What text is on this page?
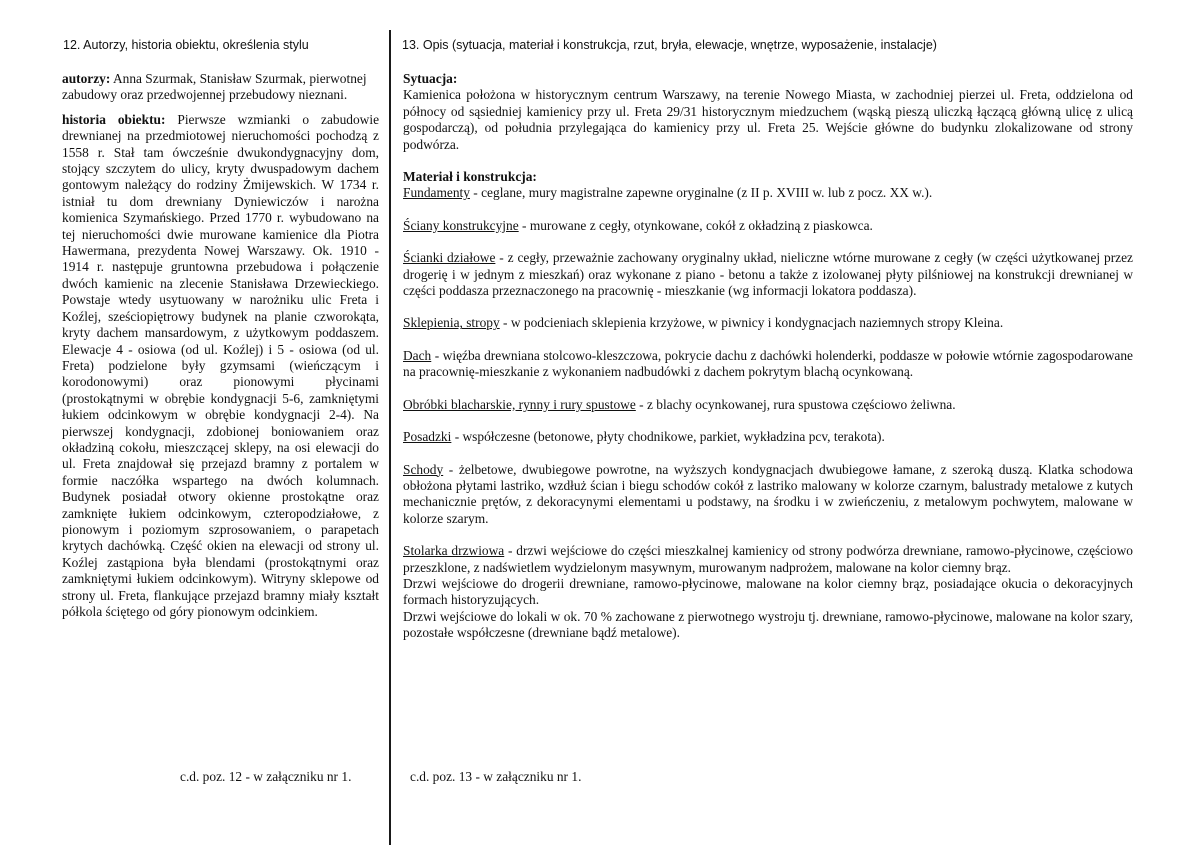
12. Autorzy, historia obiektu, określenia stylu	13. Opis (sytuacja, materiał i konstrukcja, rzut, bryła, elewacje, wnętrze, wyposażenie, instalacje)

autorzy: Anna Szurmak, Stanisław Szurmak, pierwotnej zabudowy oraz przedwojennej przebudowy nieznani.

historia obiektu: Pierwsze wzmianki o zabudowie drewnianej na przedmiotowej nieruchomości pochodzą z 1558 r. Stał tam ówcześnie dwukondygnacyjny dom, stojący szczytem do ulicy, kryty dwuspadowym dachem gontowym należący do rodziny Żmijewskich. W 1734 r. istniał tu dom drewniany Dyniewiczów i narożna komienica Szymańskiego. Przed 1770 r. wybudowano na tej nieruchomości dwie murowane kamienice dla Piotra Hawermana, prezydenta Nowej Warszawy. Ok. 1910 - 1914 r. następuje gruntowna przebudowa i połączenie dwóch kamienic na zlecenie Stanisława Drzewieckiego. Powstaje wtedy usytuowany w narożniku ulic Freta i Koźlej, sześciopiętrowy budynek na planie czworokąta, kryty dachem mansardowym, z użytkowym poddaszem. Elewacje 4 - osiowa (od ul. Koźlej) i 5 - osiowa (od ul. Freta) podzielone były gzymsami (wieńczącym i korodonowymi) oraz pionowymi płycinami (prostokątnymi w obrębie kondygnacji 5-6, zamkniętymi łukiem odcinkowym w obrębie kondygnacji 2-4). Na pierwszej kondygnacji, zdobionej boniowaniem oraz okładziną cokołu, mieszczącej sklepy, na osi elewacji do ul. Freta znajdował się przejazd bramny z portalem w formie naczółka wspartego na dwóch kolumnach. Budynek posiadał otwory okienne prostokątne oraz zamknięte łukiem odcinkowym, czteropodziałowe, z pionowym i poziomym szprosowaniem, o parapetach krytych dachówką. Część okien na elewacji od strony ul. Koźlej zastąpiona była blendami (prostokątnymi oraz zamkniętymi łukiem odcinkowym). Witryny sklepowe od strony ul. Freta, flankujące przejazd bramny miały kształt półkola ściętego od góry pionowym odcinkiem.

Sytuacja:

Kamienica położona w historycznym centrum Warszawy, na terenie Nowego Miasta, w zachodniej pierzei ul. Freta, oddzielona od północy od sąsiedniej kamienicy przy ul. Freta 29/31 historycznym miedzuchem (wąską pieszą uliczką łączącą główną ulicę z ulicą gospodarczą), od południa przylegająca do kamienicy przy ul. Freta 25. Wejście główne do budynku zlokalizowane od strony podwórza.

Materiał i konstrukcja:

Fundamenty - ceglane, mury magistralne zapewne oryginalne (z II p. XVIII w. lub z pocz. XX w.).

Ściany konstrukcyjne - murowane z cegły, otynkowane, cokół z okładziną z piaskowca.

Ścianki działowe - z cegły, przeważnie zachowany oryginalny układ, nieliczne wtórne murowane z cegły (w części użytkowanej przez drogerię i w jednym z mieszkań) oraz wykonane z piano - betonu a także z izolowanej płyty pilśniowej na konstrukcji drewnianej w części poddasza przeznaczonego na pracownię - mieszkanie (wg informacji lokatora poddasza).

Sklepienia, stropy - w podcieniach sklepienia krzyżowe, w piwnicy i kondygnacjach naziemnych stropy Kleina.

Dach - więźba drewniana stolcowo-kleszczowa, pokrycie dachu z dachówki holenderki, poddasze w połowie wtórnie zagospodarowane na pracownię-mieszkanie z wykonaniem nadbudówki z dachem pokrytym blachą ocynkowaną.

Obróbki blacharskie, rynny i rury spustowe - z blachy ocynkowanej, rura spustowa częściowo żeliwna.

Posadzki - współczesne (betonowe, płyty chodnikowe, parkiet, wykładzina pcv, terakota).

Schody - żelbetowe, dwubiegowe powrotne, na wyższych kondygnacjach dwubiegowe łamane, z szeroką duszą. Klatka schodowa obłożona płytami lastriko, wzdłuż ścian i biegu schodów cokół z lastriko malowany w kolorze czarnym, balustrady metalowe z kutych mechanicznie prętów, z dekoracynymi elementami u podstawy, na środku i w zwieńczeniu, z metalowym pochwytem, malowane w kolorze szarym.

Stolarka drzwiowa - drzwi wejściowe do części mieszkalnej kamienicy od strony podwórza drewniane, ramowo-płycinowe, częściowo przeszklone, z nadświetlem wydzielonym masywnym, murowanym nadprożem, malowane na kolor ciemny brąz.

Drzwi wejściowe do drogerii drewniane, ramowo-płycinowe, malowane na kolor ciemny brąz, posiadające okucia o dekoracyjnych formach historyzujących.

Drzwi wejściowe do lokali w ok. 70 % zachowane z pierwotnego wystroju tj. drewniane, ramowo-płycinowe, malowane na kolor szary, pozostałe współczesne (drewniane bądź metalowe).

c.d. poz. 12 - w załączniku nr 1.	c.d. poz. 13 - w załączniku nr 1.
